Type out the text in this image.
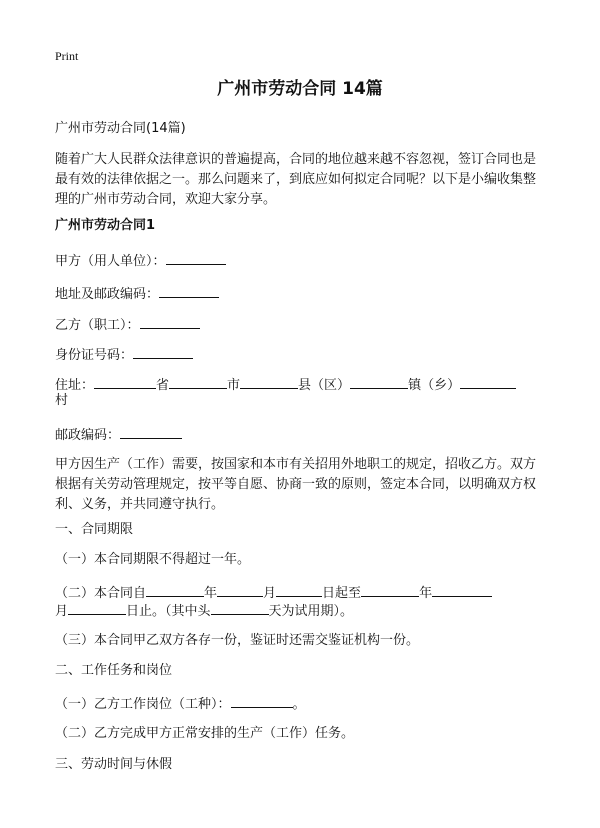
Print
广州市劳动合同 14篇
广州市劳动合同(14篇)
随着广大人民群众法律意识的普遍提高，合同的地位越来越不容忽视，签订合同也是最有效的法律依据之一。那么问题来了，到底应如何拟定合同呢？以下是小编收集整理的广州市劳动合同，欢迎大家分享。
广州市劳动合同1
甲方（用人单位）：
地址及邮政编码：
乙方（职工）：
身份证号码：
住址：	省	市	县（区）	镇（乡）
村
邮政编码：
甲方因生产（工作）需要，按国家和本市有关招用外地职工的规定，招收乙方。双方根据有关劳动管理规定，按平等自愿、协商一致的原则，签定本合同，以明确双方权利、义务，并共同遵守执行。
一、合同期限
（一）本合同期限不得超过一年。
（二）本合同自	年	月	日起至	年
月	日止。（其中头	天为试用期）。
（三）本合同甲乙双方各存一份，鉴证时还需交鉴证机构一份。
二、工作任务和岗位
（一）乙方工作岗位（工种）：	。
（二）乙方完成甲方正常安排的生产（工作）任务。
三、劳动时间与休假
